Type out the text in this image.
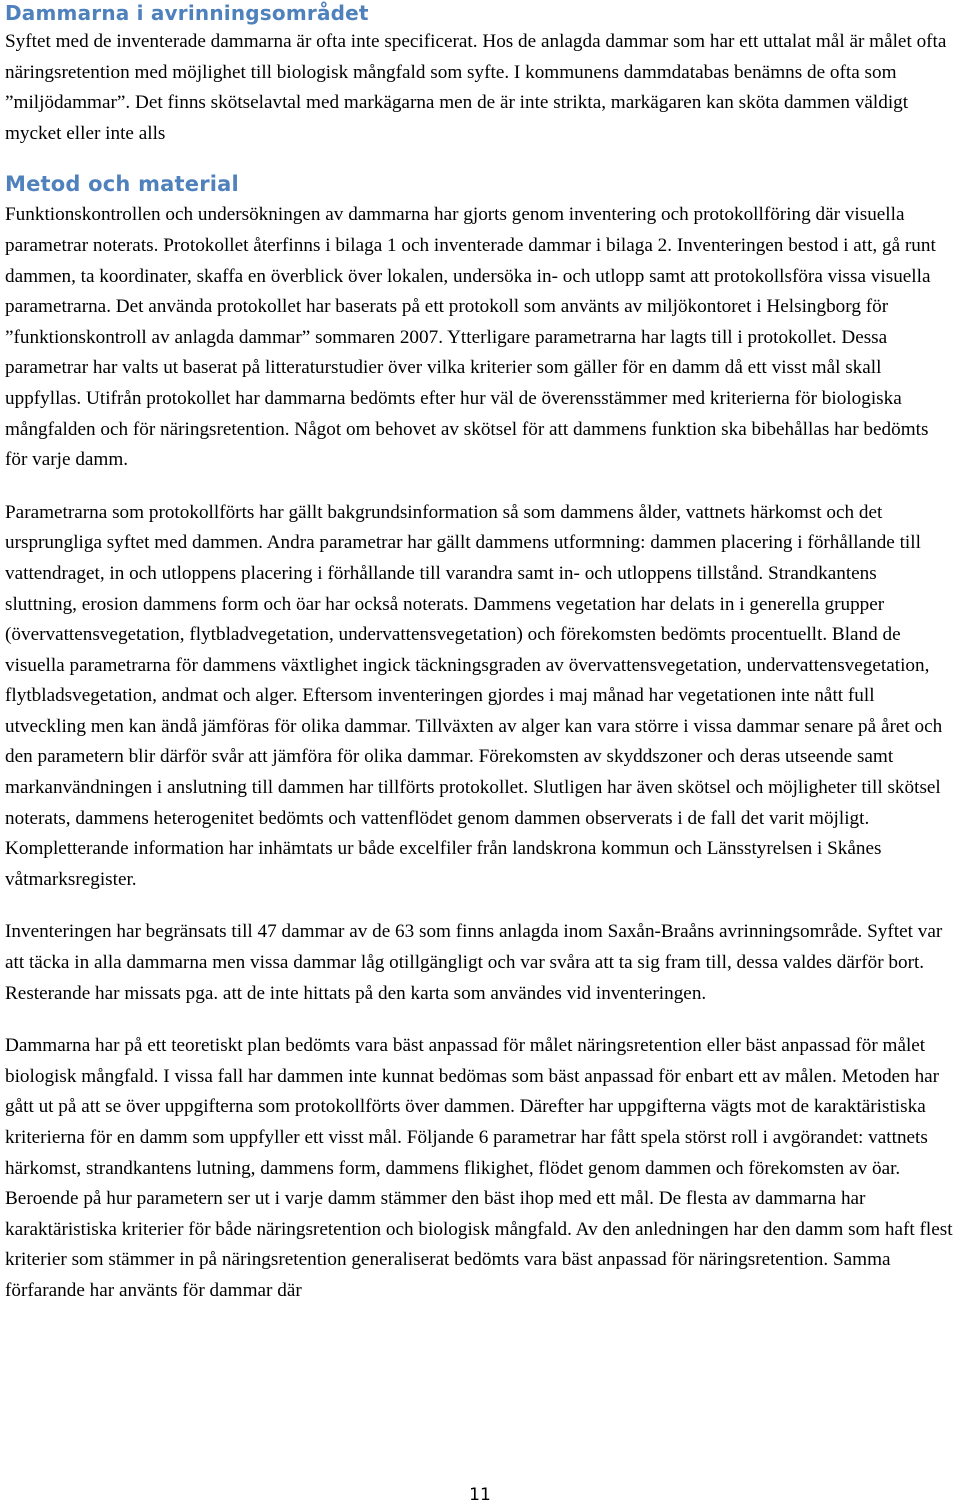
Dammarna i avrinningsområdet

Syftet med de inventerade dammarna är ofta inte specificerat. Hos de anlagda dammar som har ett uttalat mål är målet ofta näringsretention med möjlighet till biologisk mångfald som syfte. I kommunens dammdatabas benämns de ofta som ”miljödammar”. Det finns skötselavtal med markägarna men de är inte strikta, markägaren kan sköta dammen väldigt mycket eller inte alls

Metod och material

Funktionskontrollen och undersökningen av dammarna har gjorts genom inventering och protokollföring där visuella parametrar noterats. Protokollet återfinns i bilaga 1 och inventerade dammar i bilaga 2. Inventeringen bestod i att, gå runt dammen, ta koordinater, skaffa en överblick över lokalen, undersöka in- och utlopp samt att protokollsföra vissa visuella parametrarna. Det använda protokollet har baserats på ett protokoll som använts av miljökontoret i Helsingborg för ”funktionskontroll av anlagda dammar” sommaren 2007. Ytterligare parametrarna har lagts till i protokollet. Dessa parametrar har valts ut baserat på litteraturstudier över vilka kriterier som gäller för en damm då ett visst mål skall uppfyllas. Utifrån protokollet har dammarna bedömts efter hur väl de överensstämmer med kriterierna för biologiska mångfalden och för näringsretention. Något om behovet av skötsel för att dammens funktion ska bibehållas har bedömts för varje damm.

Parametrarna som protokollförts har gällt bakgrundsinformation så som dammens ålder, vattnets härkomst och det ursprungliga syftet med dammen. Andra parametrar har gällt dammens utformning: dammen placering i förhållande till vattendraget, in och utloppens placering i förhållande till varandra samt in- och utloppens tillstånd. Strandkantens sluttning, erosion dammens form och öar har också noterats. Dammens vegetation har delats in i generella grupper (övervattensvegetation, flytbladvegetation, undervattensvegetation) och förekomsten bedömts procentuellt. Bland de visuella parametrarna för dammens växtlighet ingick täckningsgraden av övervattensvegetation, undervattensvegetation, flytbladsvegetation, andmat och alger. Eftersom inventeringen gjordes i maj månad har vegetationen inte nått full utveckling men kan ändå jämföras för olika dammar. Tillväxten av alger kan vara större i vissa dammar senare på året och den parametern blir därför svår att jämföra för olika dammar. Förekomsten av skyddszoner och deras utseende samt markanvändningen i anslutning till dammen har tillförts protokollet. Slutligen har även skötsel och möjligheter till skötsel noterats, dammens heterogenitet bedömts och vattenflödet genom dammen observerats i de fall det varit möjligt. Kompletterande information har inhämtats ur både excelfiler från landskrona kommun och Länsstyrelsen i Skånes våtmarksregister.

Inventeringen har begränsats till 47 dammar av de 63 som finns anlagda inom Saxån-Braåns avrinningsområde. Syftet var att täcka in alla dammarna men vissa dammar låg otillgängligt och var svåra att ta sig fram till, dessa valdes därför bort. Resterande har missats pga. att de inte hittats på den karta som användes vid inventeringen.

Dammarna har på ett teoretiskt plan bedömts vara bäst anpassad för målet näringsretention eller bäst anpassad för målet biologisk mångfald. I vissa fall har dammen inte kunnat bedömas som bäst anpassad för enbart ett av målen. Metoden har gått ut på att se över uppgifterna som protokollförts över dammen. Därefter har uppgifterna vägts mot de karaktäristiska kriterierna för en damm som uppfyller ett visst mål. Följande 6 parametrar har fått spela störst roll i avgörandet: vattnets härkomst, strandkantens lutning, dammens form, dammens flikighet, flödet genom dammen och förekomsten av öar. Beroende på hur parametern ser ut i varje damm stämmer den bäst ihop med ett mål. De flesta av dammarna har karaktäristiska kriterier för både näringsretention och biologisk mångfald. Av den anledningen har den damm som haft flest kriterier som stämmer in på näringsretention generaliserat bedömts vara bäst anpassad för näringsretention. Samma förfarande har använts för dammar där

11
